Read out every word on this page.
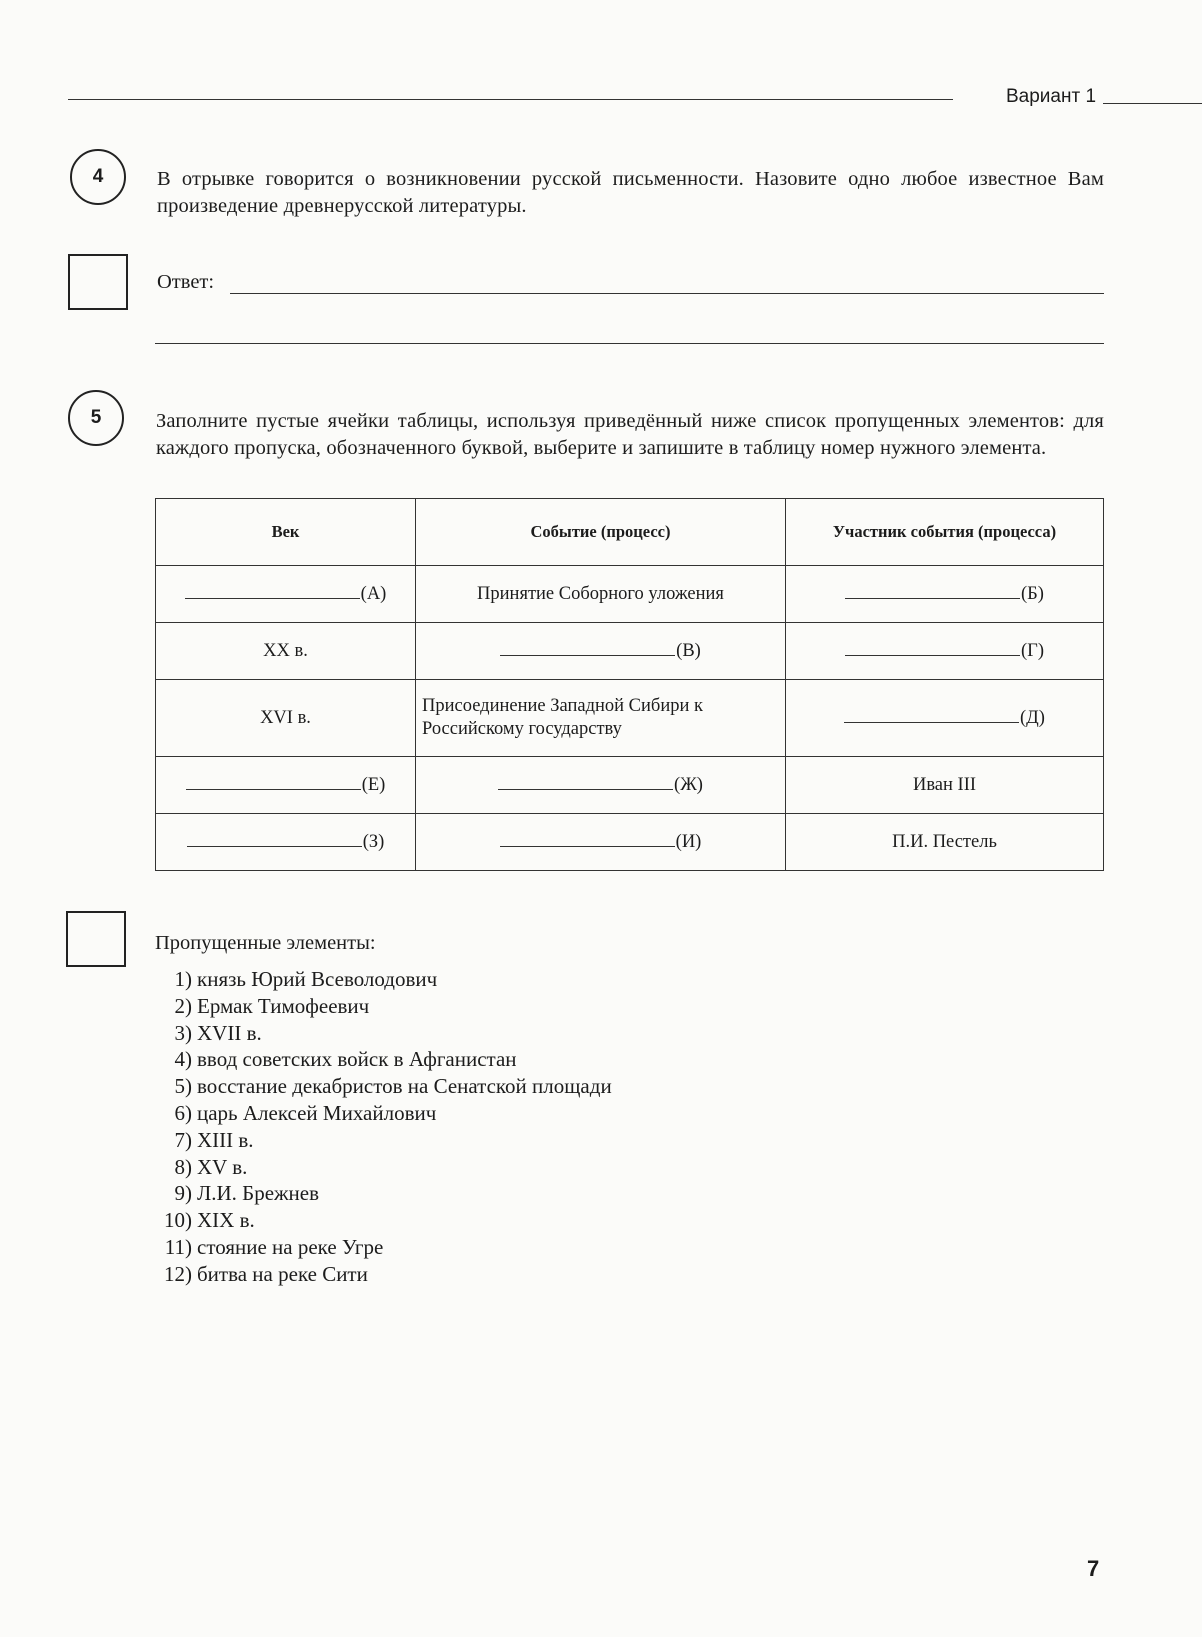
Вариант 1
4	В отрывке говорится о возникновении русской письменности. Назовите одно любое известное Вам произведение древнерусской литературы.
Ответ:
5	Заполните пустые ячейки таблицы, используя приведённый ниже список пропущенных элементов: для каждого пропуска, обозначенного буквой, выберите и запишите в таблицу номер нужного элемента.
Век	Событие (процесс)	Участник события (процесса)
(А)	Принятие Соборного уложения	(Б)
XX в.	(В)	(Г)
XVI в.	Присоединение Западной Сибири к Российскому государству	(Д)
(Е)	(Ж)	Иван III
(З)	(И)	П.И. Пестель
Пропущенные элементы:
1) князь Юрий Всеволодович
2) Ермак Тимофеевич
3) XVII в.
4) ввод советских войск в Афганистан
5) восстание декабристов на Сенатской площади
6) царь Алексей Михайлович
7) XIII в.
8) XV в.
9) Л.И. Брежнев
10) XIX в.
11) стояние на реке Угре
12) битва на реке Сити
7
